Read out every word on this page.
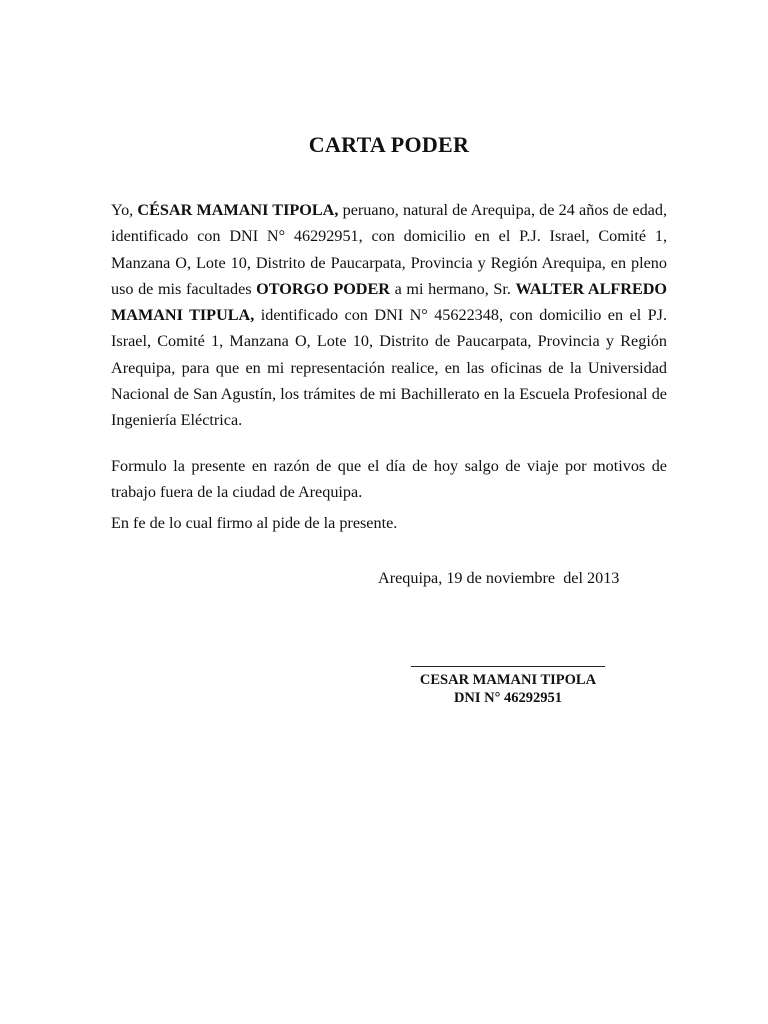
CARTA PODER

Yo, CÉSAR MAMANI TIPOLA, peruano, natural de Arequipa, de 24 años de edad, identificado con DNI N° 46292951, con domicilio en el P.J. Israel, Comité 1, Manzana O, Lote 10, Distrito de Paucarpata, Provincia y Región Arequipa, en pleno uso de mis facultades OTORGO PODER a mi hermano, Sr. WALTER ALFREDO MAMANI TIPULA, identificado con DNI N° 45622348, con domicilio en el PJ. Israel, Comité 1, Manzana O, Lote 10, Distrito de Paucarpata, Provincia y Región Arequipa, para que en mi representación realice, en las oficinas de la Universidad Nacional de San Agustín, los trámites de mi Bachillerato en la Escuela Profesional de Ingeniería Eléctrica.

Formulo la presente en razón de que el día de hoy salgo de viaje por motivos de trabajo fuera de la ciudad de Arequipa.

En fe de lo cual firmo al pide de la presente.

Arequipa, 19 de noviembre  del 2013
CESAR MAMANI TIPOLA
DNI N° 46292951
